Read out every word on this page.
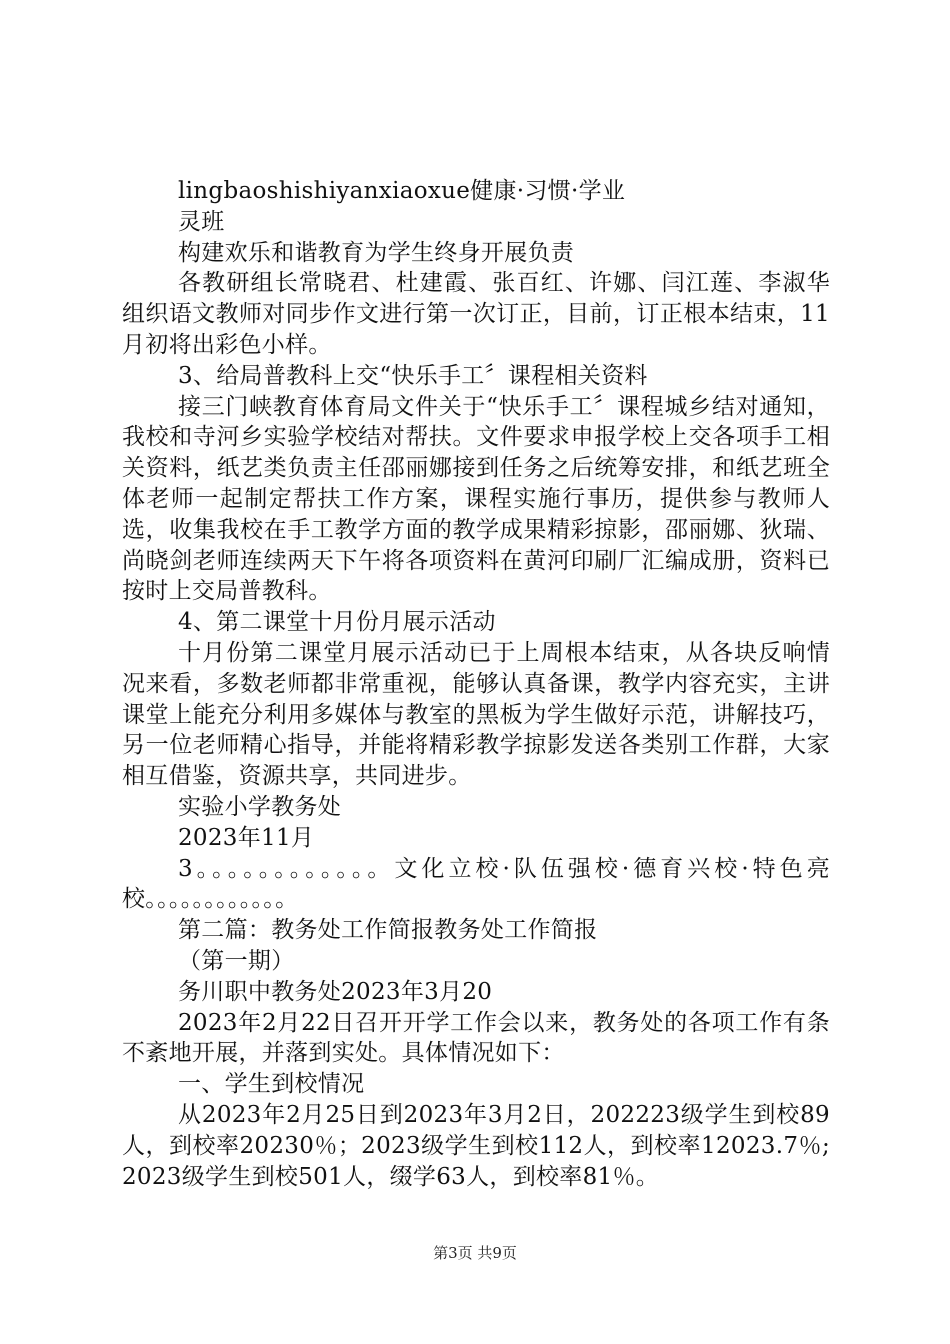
lingbaoshishiyanxiaoxue健康·习惯·学业

灵班

构建欢乐和谐教育为学生终身开展负责

各教研组长常晓君、杜建霞、张百红、许娜、闫江莲、李淑华组织语文教师对同步作文进行第一次订正，目前，订正根本结束，11月初将出彩色小样。

3、给局普教科上交“快乐手工〞课程相关资料

接三门峡教育体育局文件关于“快乐手工〞课程城乡结对通知，我校和寺河乡实验学校结对帮扶。文件要求申报学校上交各项手工相关资料，纸艺类负责主任邵丽娜接到任务之后统筹安排，和纸艺班全体老师一起制定帮扶工作方案，课程实施行事历，提供参与教师人选，收集我校在手工教学方面的教学成果精彩掠影，邵丽娜、狄瑞、尚晓剑老师连续两天下午将各项资料在黄河印刷厂汇编成册，资料已按时上交局普教科。

4、第二课堂十月份月展示活动

十月份第二课堂月展示活动已于上周根本结束，从各块反响情况来看，多数老师都非常重视，能够认真备课，教学内容充实，主讲课堂上能充分利用多媒体与教室的黑板为学生做好示范，讲解技巧，另一位老师精心指导，并能将精彩教学掠影发送各类别工作群，大家相互借鉴，资源共享，共同进步。

实验小学教务处

2023年11月

3。。。。。。。。。。。。文化立校·队伍强校·德育兴校·特色亮校。。。。。。。。。。。。

第二篇：教务处工作简报教务处工作简报

（第一期）

务川职中教务处2023年3月20

2023年2月22日召开开学工作会以来，教务处的各项工作有条不紊地开展，并落到实处。具体情况如下：

一、学生到校情况

从2023年2月25日到2023年3月2日，202223级学生到校89人，到校率20230％；2023级学生到校112人，到校率12023.7％;2023级学生到校501人，缀学63人，到校率81％。

第3页 共9页
